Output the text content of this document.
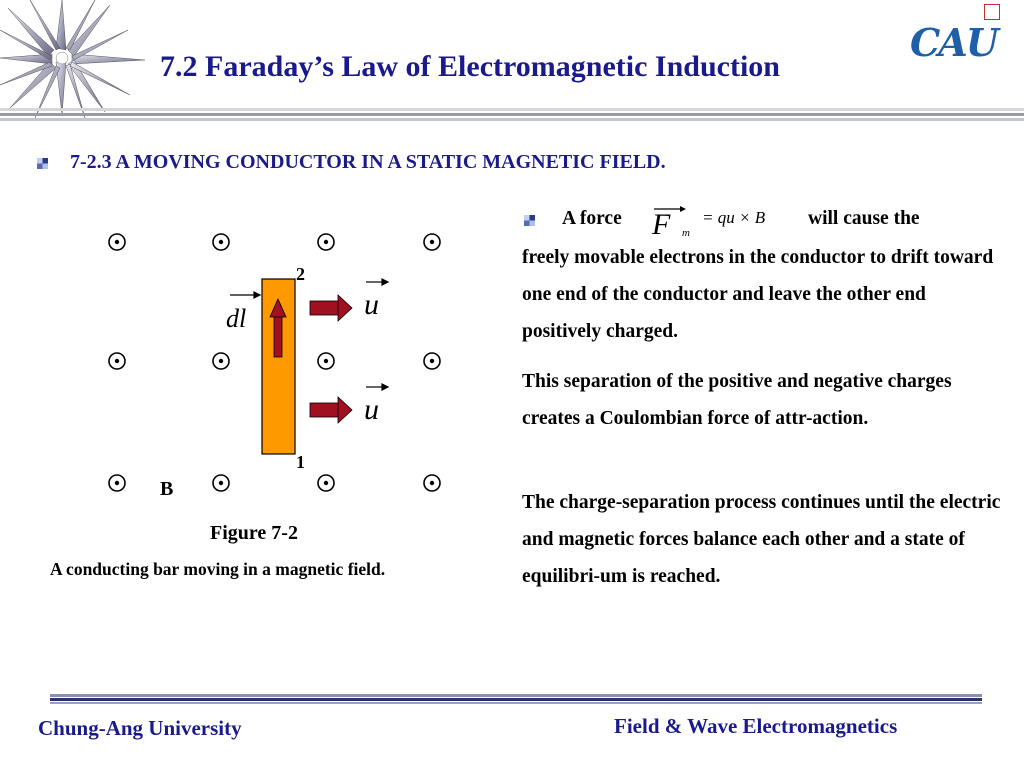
7.2 Faraday’s Law of Electromagnetic Induction
CAU
7-2.3 A MOVING CONDUCTOR IN A STATIC MAGNETIC FIELD.
2
1
B
dl	u
u
Figure 7-2
A conducting bar moving in a magnetic field.
A force F m
= qu × B will cause the
freely movable electrons in the conductor to drift toward one end of the conductor and leave the other end positively charged.
This separation of the positive and negative charges creates a Coulombian force of attr-action.
The charge-separation process continues until the electric and magnetic forces balance each other and a state of equilibri-um is reached.
Chung-Ang University	Field & Wave Electromagnetics
